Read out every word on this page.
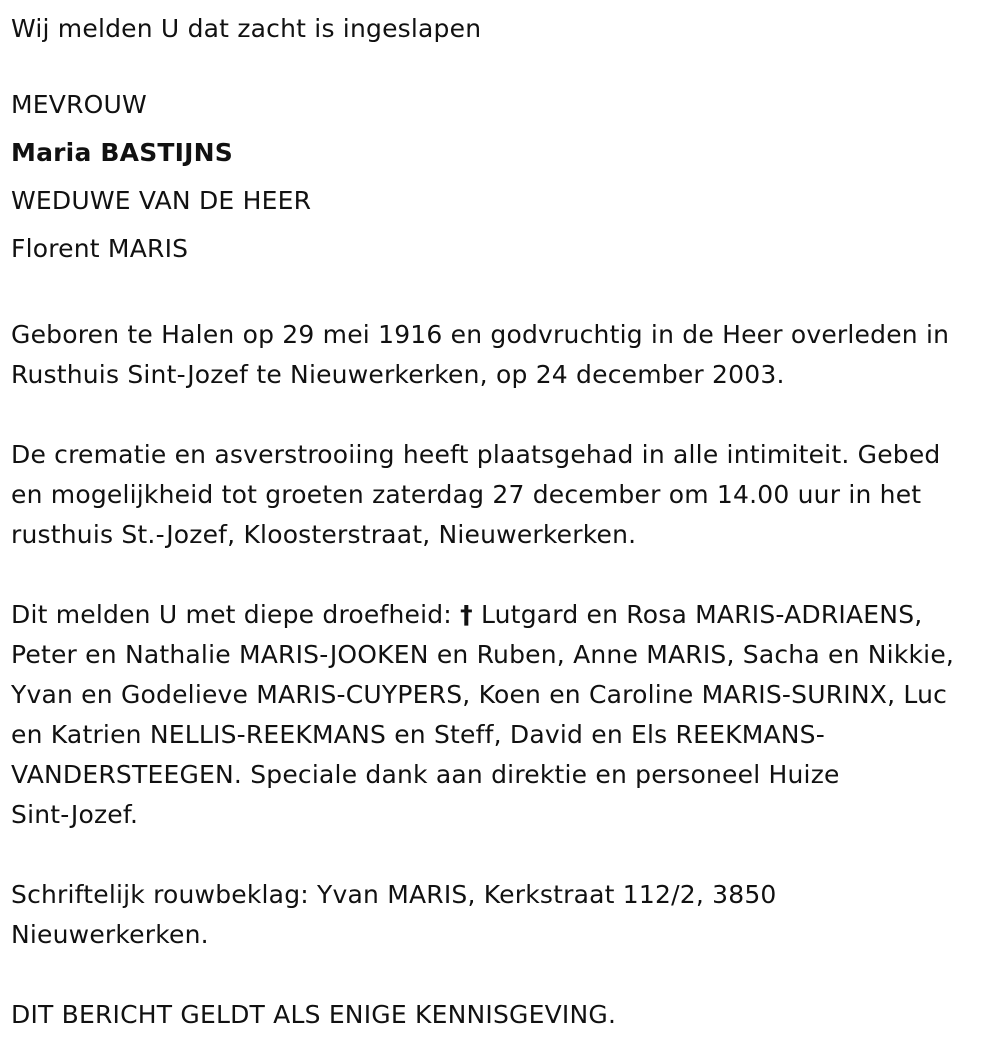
Wij melden U dat zacht is ingeslapen
MEVROUW
Maria BASTIJNS
WEDUWE VAN DE HEER
Florent MARIS
Geboren te Halen op 29 mei 1916 en godvruchtig in de Heer overleden in
Rusthuis Sint-Jozef te Nieuwerkerken, op 24 december 2003.
De crematie en asverstrooiing heeft plaatsgehad in alle intimiteit. Gebed
en mogelijkheid tot groeten zaterdag 27 december om 14.00 uur in het
rusthuis St.-Jozef, Kloosterstraat, Nieuwerkerken.
Dit melden U met diepe droefheid: † Lutgard en Rosa MARIS-ADRIAENS,
Peter en Nathalie MARIS-JOOKEN en Ruben, Anne MARIS, Sacha en Nikkie,
Yvan en Godelieve MARIS-CUYPERS, Koen en Caroline MARIS-SURINX, Luc
en Katrien NELLIS-REEKMANS en Steff, David en Els REEKMANS-
VANDERSTEEGEN. Speciale dank aan direktie en personeel Huize
Sint-Jozef.
Schriftelijk rouwbeklag: Yvan MARIS, Kerkstraat 112/2, 3850
Nieuwerkerken.
DIT BERICHT GELDT ALS ENIGE KENNISGEVING.
